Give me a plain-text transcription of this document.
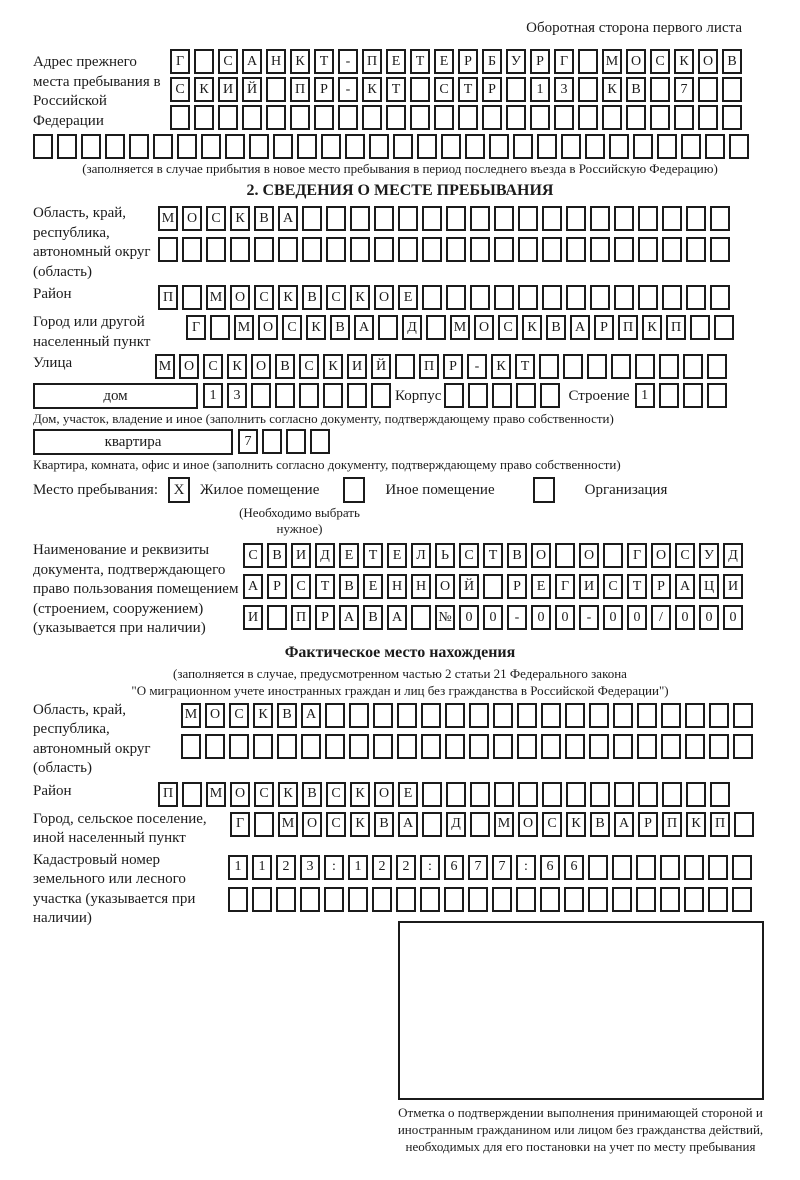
Оборотная сторона первого листа
Адрес прежнего места пребывания в Российской Федерации
Г	С	А Н	К	Т	-	П	Е	Т	Е	Р	Б	У	Р	Г	М О	С	К	О	В
С	К	И Й	П	Р	-	К	Т	С	Т	Р	1	3	К	В	7
(заполняется в случае прибытия в новое место пребывания в период последнего въезда в Российскую Федерацию)
2. СВЕДЕНИЯ О МЕСТЕ ПРЕБЫВАНИЯ
Область, край, республика, автономный округ (область)
М О	С	К	В	А
Район	П	М О	С	К	В	С	К	О	Е
Город или другой населенный пункт
Г	М О	С	К	В	А	Д	М О	С	К	В	А	Р	П	К	П
Улица	М О	С	К	О	В	С	К	И Й	П	Р	-	К	Т
дом	1	3	Корпус	Строение 1
Дом, участок, владение и иное (заполнить согласно документу, подтверждающему право собственности)
квартира	7
Квартира, комната, офис и иное (заполнить согласно документу, подтверждающему право собственности)
Место пребывания:	X	Жилое помещение	Иное помещение	Организация
(Необходимо выбрать нужное)
Наименование и реквизиты документа, подтверждающего право пользования помещением (строением, сооружением) (указывается при наличии)
С	В	И	Д	Е	Т	Е	Л	Ь	С	Т	В	О	О	Г	О	С	У	Д
А	Р	С	Т	В	Е	Н Н О Й	Р	Е	Г	И	С	Т	Р	А Ц И
И	П	Р	А	В	А	№ 0	0	-	0	0	-	0	0	/	0	0	0
Фактическое место нахождения
(заполняется в случае, предусмотренном частью 2 статьи 21 Федерального закона
"О миграционном учете иностранных граждан и лиц без гражданства в Российской Федерации")
Область, край, республика, автономный округ (область)
М О	С	К	В	А
Район	П	М О	С	К	В	С	К	О	Е
Город, сельское поселение, иной населенный пункт
Г	М О	С	К	В	А	Д	М О	С	К	В	А	Р	П	К	П
Кадастровый номер земельного или лесного участка (указывается при наличии)
1	1	2	3	:	1	2	2	:	6	7	7	:	6	6
Отметка о подтверждении выполнения принимающей стороной и иностранным гражданином или лицом без гражданства действий, необходимых для его постановки на учет по месту пребывания
